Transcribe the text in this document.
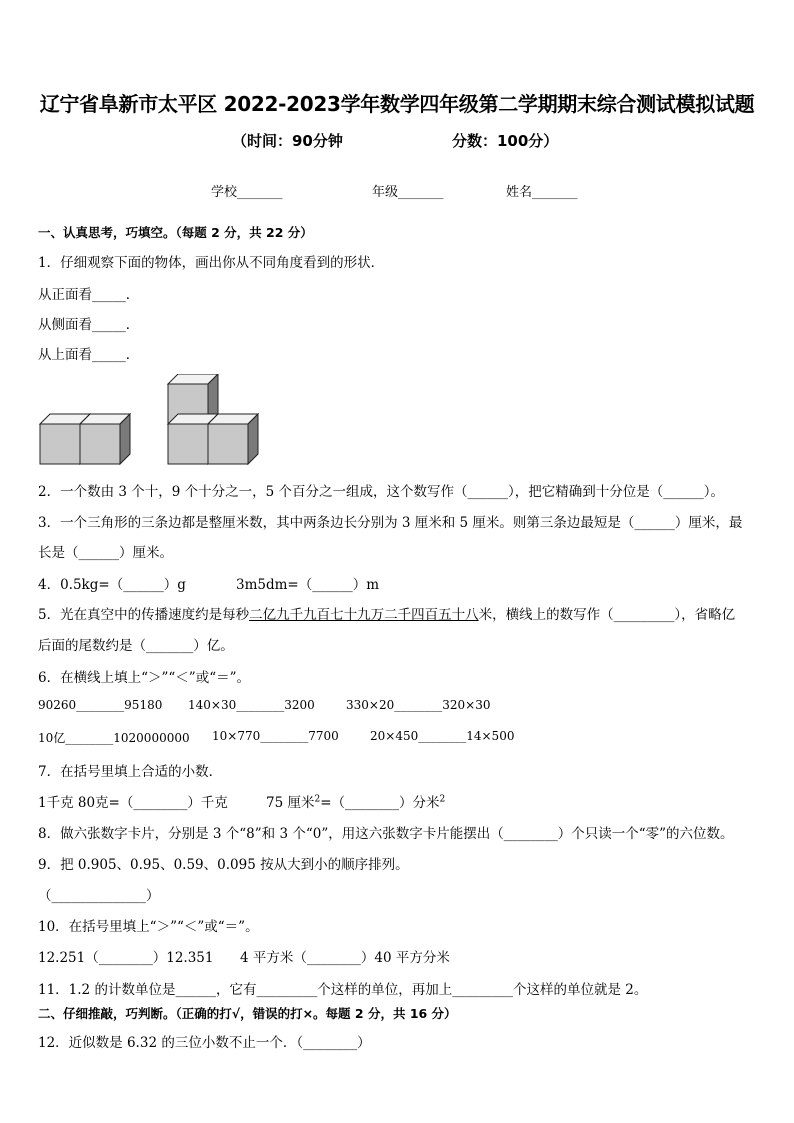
辽宁省阜新市太平区 2022-2023学年数学四年级第二学期期末综合测试模拟试题
（时间：90分钟	分数：100分）
学校_______	年级_______	姓名_______
一、认真思考，巧填空。（每题 2 分，共 22 分）
1．仔细观察下面的物体，画出你从不同角度看到的形状．
从正面看_____．
从侧面看_____．
从上面看_____．
2．一个数由 3 个十，9 个十分之一，5 个百分之一组成，这个数写作（______），把它精确到十分位是（______）。
3．一个三角形的三条边都是整厘米数，其中两条边长分别为 3 厘米和 5 厘米。则第三条边最短是（______）厘米，最
长是（______）厘米。
4．0.5kg=（______）g	3m5dm=（______）m
5．光在真空中的传播速度约是每秒二亿九千九百七十九万二千四百五十八米，横线上的数写作（_________），省略亿
后面的尾数约是（_______）亿。
6．在横线上填上“＞”“＜”或“＝”。
90260________95180 140×30________3200	330×20________320×30
10亿________1020000000 10×770________7700	20×450________14×500
7．在括号里填上合适的小数．
1千克 80克=（________）千克	75 厘米$^2$=（________）分米$^2$
8．做六张数字卡片，分别是 3 个“8”和 3 个“0”，用这六张数字卡片能摆出（________）个只读一个“零”的六位数。
9．把 0.905、0.95、0.59、0.095 按从大到小的顺序排列。
（______________）
10．在括号里填上“＞”“＜”或“＝”。
12.251（________）12.351 4 平方米（________）40 平方分米
11．1.2 的计数单位是______，它有_________个这样的单位，再加上_________个这样的单位就是 2。
二、仔细推敲，巧判断。（正确的打√，错误的打×。每题 2 分，共 16 分）
12．近似数是 6.32 的三位小数不止一个．（________）
